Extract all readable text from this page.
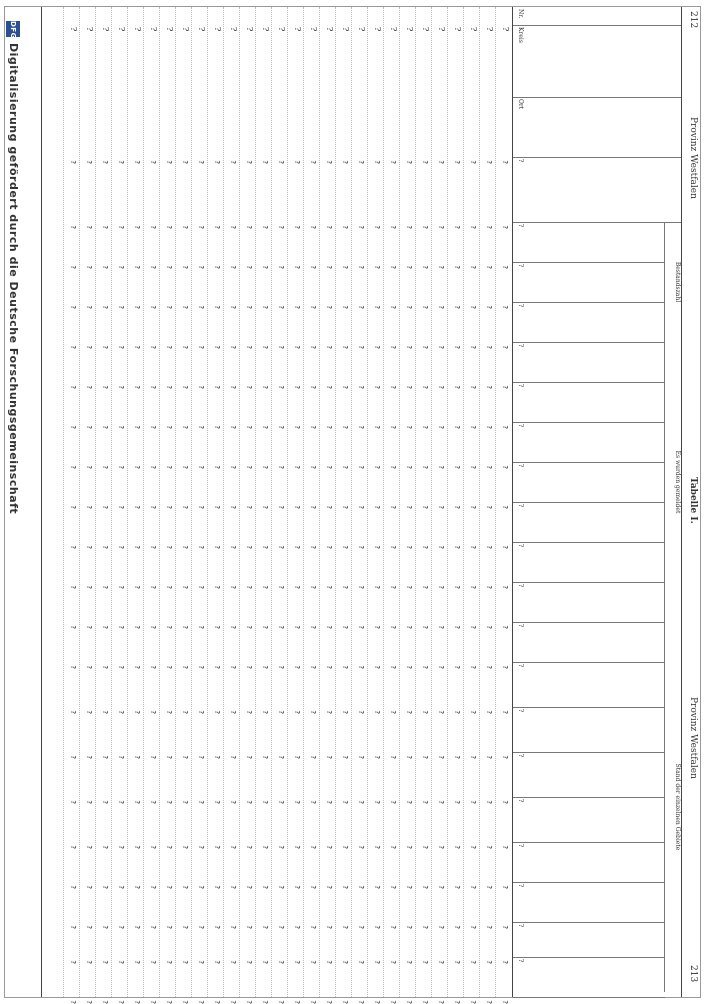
212
Provinz Westfalen
Tabelle I.
Provinz Westfalen
213
Bestandszahl
Es wurden gemeldet
Stand der einzelnen Gebiete
Nr.
Kreis
Ort
?
?
?
?
?
?
?
?
?
?
?
?
?
?
?
?
?
?
?
?
?
?
?
?
?
?
?
?
?
?
?
?
?
?
?
?
?
?
?
?
?
?
?
?
?
?
?
?
?
?
?
?
?
?
?
?
?
?
?
?
?
?
?
?
?
?
?
?
?
?
?
?
?
?
?
?
?
?
?
?
?
?
?
?
?
?
?
?
?
?
?
?
?
?
?
?
?
?
?
?
?
?
?
?
?
?
?
?
?
?
?
?
?
?
?
?
?
?
?
?
?
?
?
?
?
?
?
?
?
?
?
?
?
?
?
?
?
?
?
?
?
?
?
?
?
?
?
?
?
?
?
?
?
?
?
?
?
?
?
?
?
?
?
?
?
?
?
?
?
?
?
?
?
?
?
?
?
?
?
?
?
?
?
?
?
?
?
?
?
?
?
?
?
?
?
?
?
?
?
?
?
?
?
?
?
?
?
?
?
?
?
?
?
?
?
?
?
?
?
?
?
?
?
?
?
?
?
?
?
?
?
?
?
?
?
?
?
?
?
?
?
?
?
?
?
?
?
?
?
?
?
?
?
?
?
?
?
?
?
?
?
?
?
?
?
?
?
?
?
?
?
?
?
?
?
?
?
?
?
?
?
?
?
?
?
?
?
?
?
?
?
?
?
?
?
?
?
?
?
?
?
?
?
?
?
?
?
?
?
?
?
?
?
?
?
?
?
?
?
?
?
?
?
?
?
?
?
?
?
?
?
?
?
?
?
?
?
?
?
?
?
?
?
?
?
?
?
?
?
?
?
?
?
?
?
?
?
?
?
?
?
?
?
?
?
?
?
?
?
?
?
?
?
?
?
?
?
?
?
?
?
?
?
?
?
?
?
?
?
?
?
?
?
?
?
?
?
?
?
?
?
?
?
?
?
?
?
?
?
?
?
?
?
?
?
?
?
?
?
?
?
?
?
?
?
?
?
?
?
?
?
?
?
?
?
?
?
?
?
?
?
?
?
?
?
?
?
?
?
?
?
?
?
?
?
?
?
?
?
?
?
?
?
?
?
?
?
?
?
?
?
?
?
?
?
?
?
?
?
?
?
?
?
?
?
?
?
?
?
?
?
?
?
?
?
?
?
?
?
?
?
?
?
?
?
?
?
?
?
?
?
?
?
?
?
?
?
?
?
?
?
?
?
?
?
?
?
?
?
?
?
?
?
?
?
?
?
?
?
?
?
?
?
?
?
?
?
?
?
?
?
?
?
?
?
?
?
?
?
?
?
?
?
?
?
?
?
?
?
?
?
?
?
?
?
?
?
?
?
?
?
?
?
?
?
?
?
?
?
?
?
?
?
?
?
?
?
?
?
?
?
?
?
?
?
?
?
?
?
?
?
?
?
?
?
?
?
?
?
?
?
?
?
?
?
?
?
?
?
?
?
?
?
?
?
?
DFG
Digitalisierung gefördert durch die Deutsche Forschungsgemeinschaft
